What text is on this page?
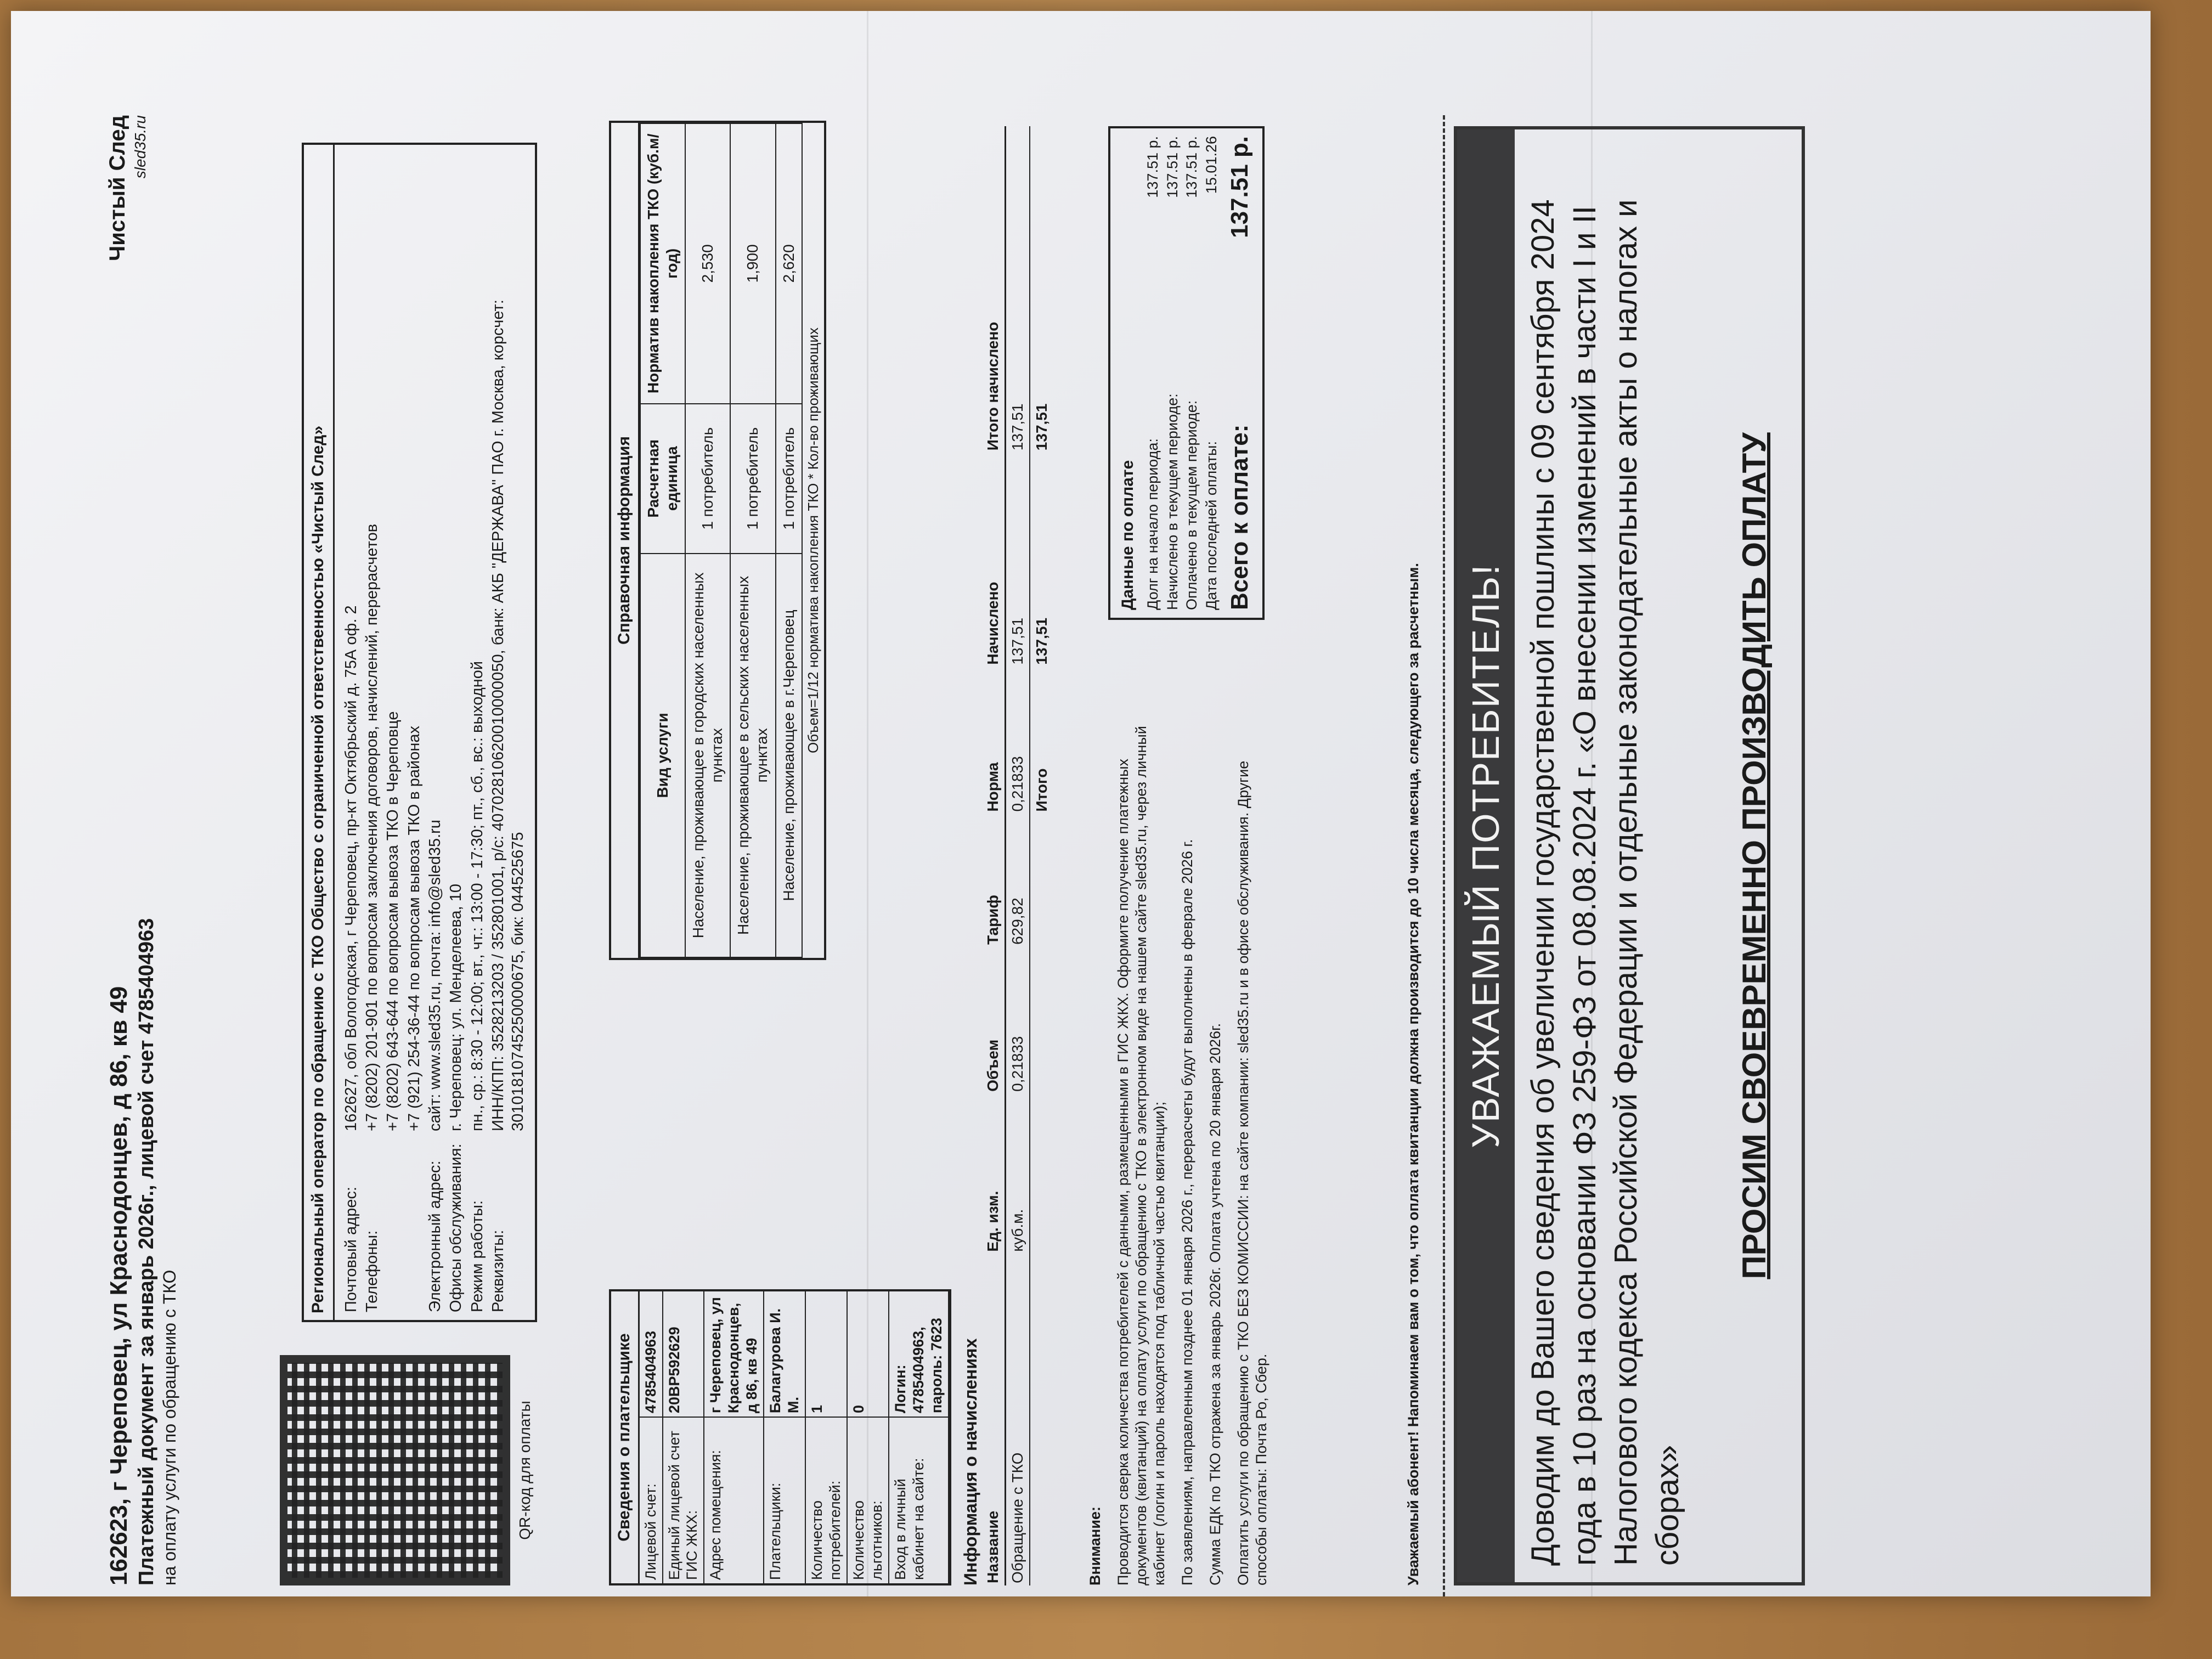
162623, г Череповец, ул Краснодонцев, д 86, кв 49 Платежный документ за январь 2026г., лицевой счет 4785404963 на оплату услуги по обращению с ТКО
Чистый След sled35.ru
QR-код для оплаты
Региональный оператор по обращению с ТКО Общество с ограниченной ответственностью «Чистый След» Почтовый адрес:
162627, обл Вологодская, г Череповец, пр-кт Октябрьский д. 75А оф. 2
Телефоны:
+7 (8202) 201-901 по вопросам заключения договоров, начислений, перерасчетов +7 (8202) 643-644 по вопросам вывоза ТКО в Череповце +7 (921) 254-36-44 по вопросам вывоза ТКО в районах
Электронный адрес:
сайт: www.sled35.ru, почта: info@sled35.ru
Офисы обслуживания:
г. Череповец: ул. Менделеева, 10
Режим работы:
пн., ср.: 8:30 - 12:00; вт., чт.: 13:00 - 17:30; пт., сб., вс.: выходной
Реквизиты:
ИНН/КПП: 3528213203 / 352801001, р/с: 40702810620010000050, банк: АКБ "ДЕРЖАВА" ПАО г. Москва, корсчет: 30101810745250000675, бик: 044525675
Сведения о плательщике Лицевой счет:
4785404963
Единый лицевой счет ГИС ЖКХ:
20ВР592629
Адрес помещения:
г Череповец, ул Краснодонцев, д 86, кв 49
Плательщики:
Балагурова И. М.
Количество потребителей:
1
Количество льготников:
0
Вход в личный кабинет на сайте:
Логин: 4785404963, пароль: 7623
Справочная информация
Вид услуги	Расчетная единица	Норматив накопления ТКО (куб.м/год)
Население, проживающее в городских населенных пунктах	1 потребитель	2,530
Население, проживающее в сельских населенных пунктах	1 потребитель	1,900
Население, проживающее в г.Череповец	1 потребитель	2,620
Объем=1/12 норматива накопления ТКО * Кол-во проживающих
Информация о начислениях Название	Ед. изм.	Объем	Тариф	Норма	Начислено	Итого начислено
Обращение с ТКО	куб.м.	0,21833	629,82	0,21833	137,51	137,51
				Итого	137,51	137,51

Внимание: Проводится сверка количества потребителей с данными, размещенными в ГИС ЖКХ. Оформите получение платежных документов (квитанций) на оплату услуги по обращению с ТКО в электронном виде на нашем сайте sled35.ru, через личный кабинет (логин и пароль находятся под табличной частью квитанции); По заявлениям, направленным позднее 01 января 2026 г., перерасчеты будут выполнены в феврале 2026 г. Сумма ЕДК по ТКО отражена за январь 2026г. Оплата учтена по 20 января 2026г. Оплатить услуги по обращению с ТКО БЕЗ КОМИССИИ: на сайте компании: sled35.ru и в офисе обслуживания. Другие способы оплаты: Почта Ро, Сбер.

Данные по оплате Долг на начало периода:
137.51 р.
Начислено в текущем периоде:
137.51 р.
Оплачено в текущем периоде:
137.51 р.
Дата последней оплаты:
15.01.26
Всего к оплате:
137.51 р.
Уважаемый абонент! Напоминаем вам о том, что оплата квитанции должна производится до 10 числа месяца, следующего за расчетным. УВАЖАЕМЫЙ ПОТРЕБИТЕЛЬ! Доводим до Вашего сведения об увеличении государственной пошлины с 09 сентября 2024 года в 10 раз на основании ФЗ 259-ФЗ от 08.08.2024 г. «О внесении изменений в части I и II Налогового кодекса Российской Федерации и отдельные законодательные акты о налогах и сборах»
ПРОСИМ СВОЕВРЕМЕННО ПРОИЗВОДИТЬ ОПЛАТУ
